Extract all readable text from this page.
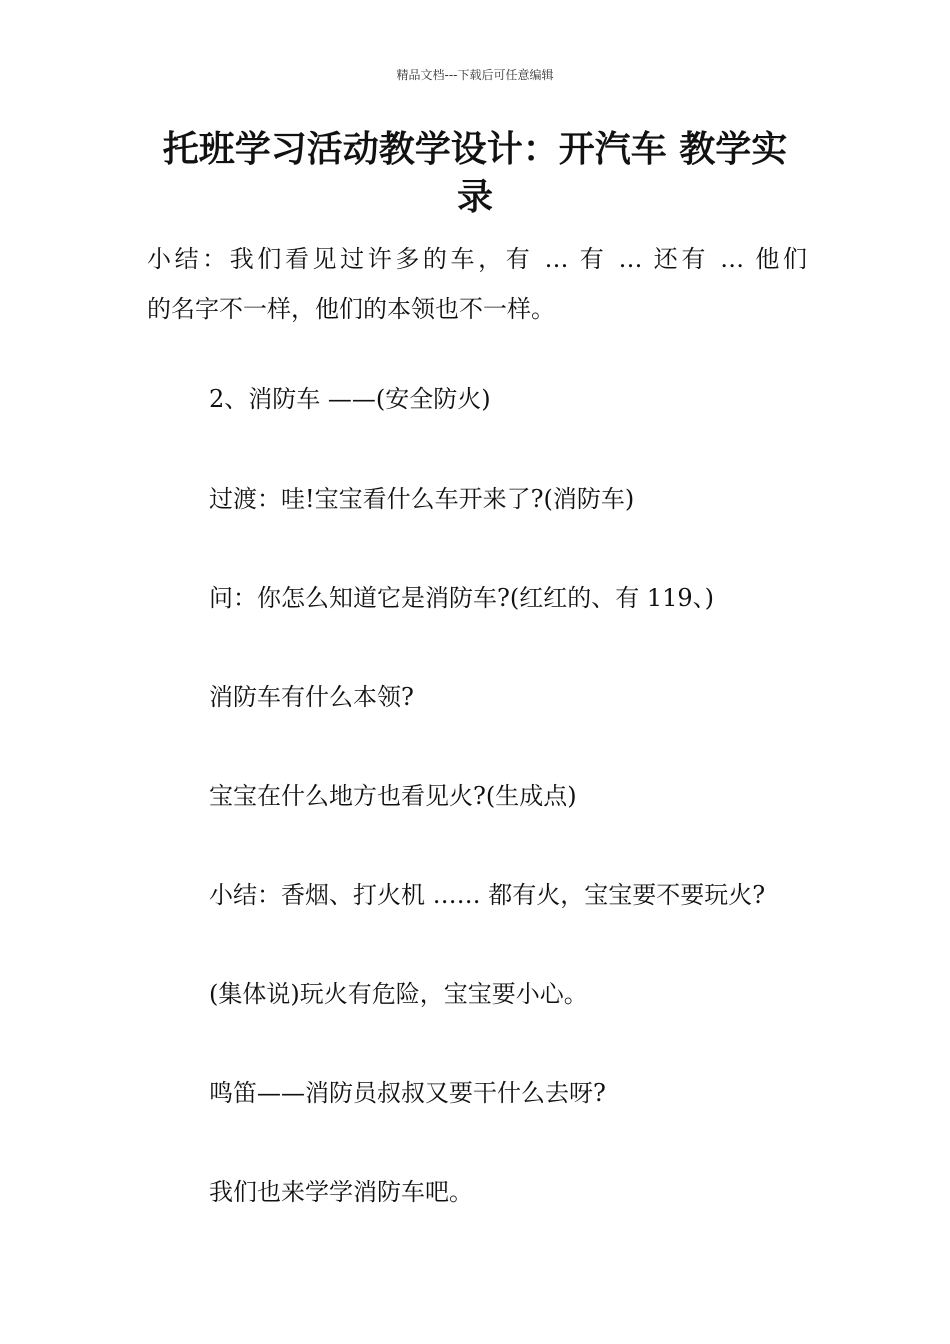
精品文档---下载后可任意编辑
托班学习活动教学设计：开汽车 教学实录
小结：我们看见过许多的车，有 … 有 … 还有 … 他们
的名字不一样，他们的本领也不一样。
2、消防车 ——(安全防火)
过渡：哇!宝宝看什么车开来了?(消防车)
问：你怎么知道它是消防车?(红红的、有 119、)
消防车有什么本领?
宝宝在什么地方也看见火?(生成点)
小结：香烟、打火机 …… 都有火，宝宝要不要玩火?
(集体说)玩火有危险，宝宝要小心。
鸣笛——消防员叔叔又要干什么去呀?
我们也来学学消防车吧。
